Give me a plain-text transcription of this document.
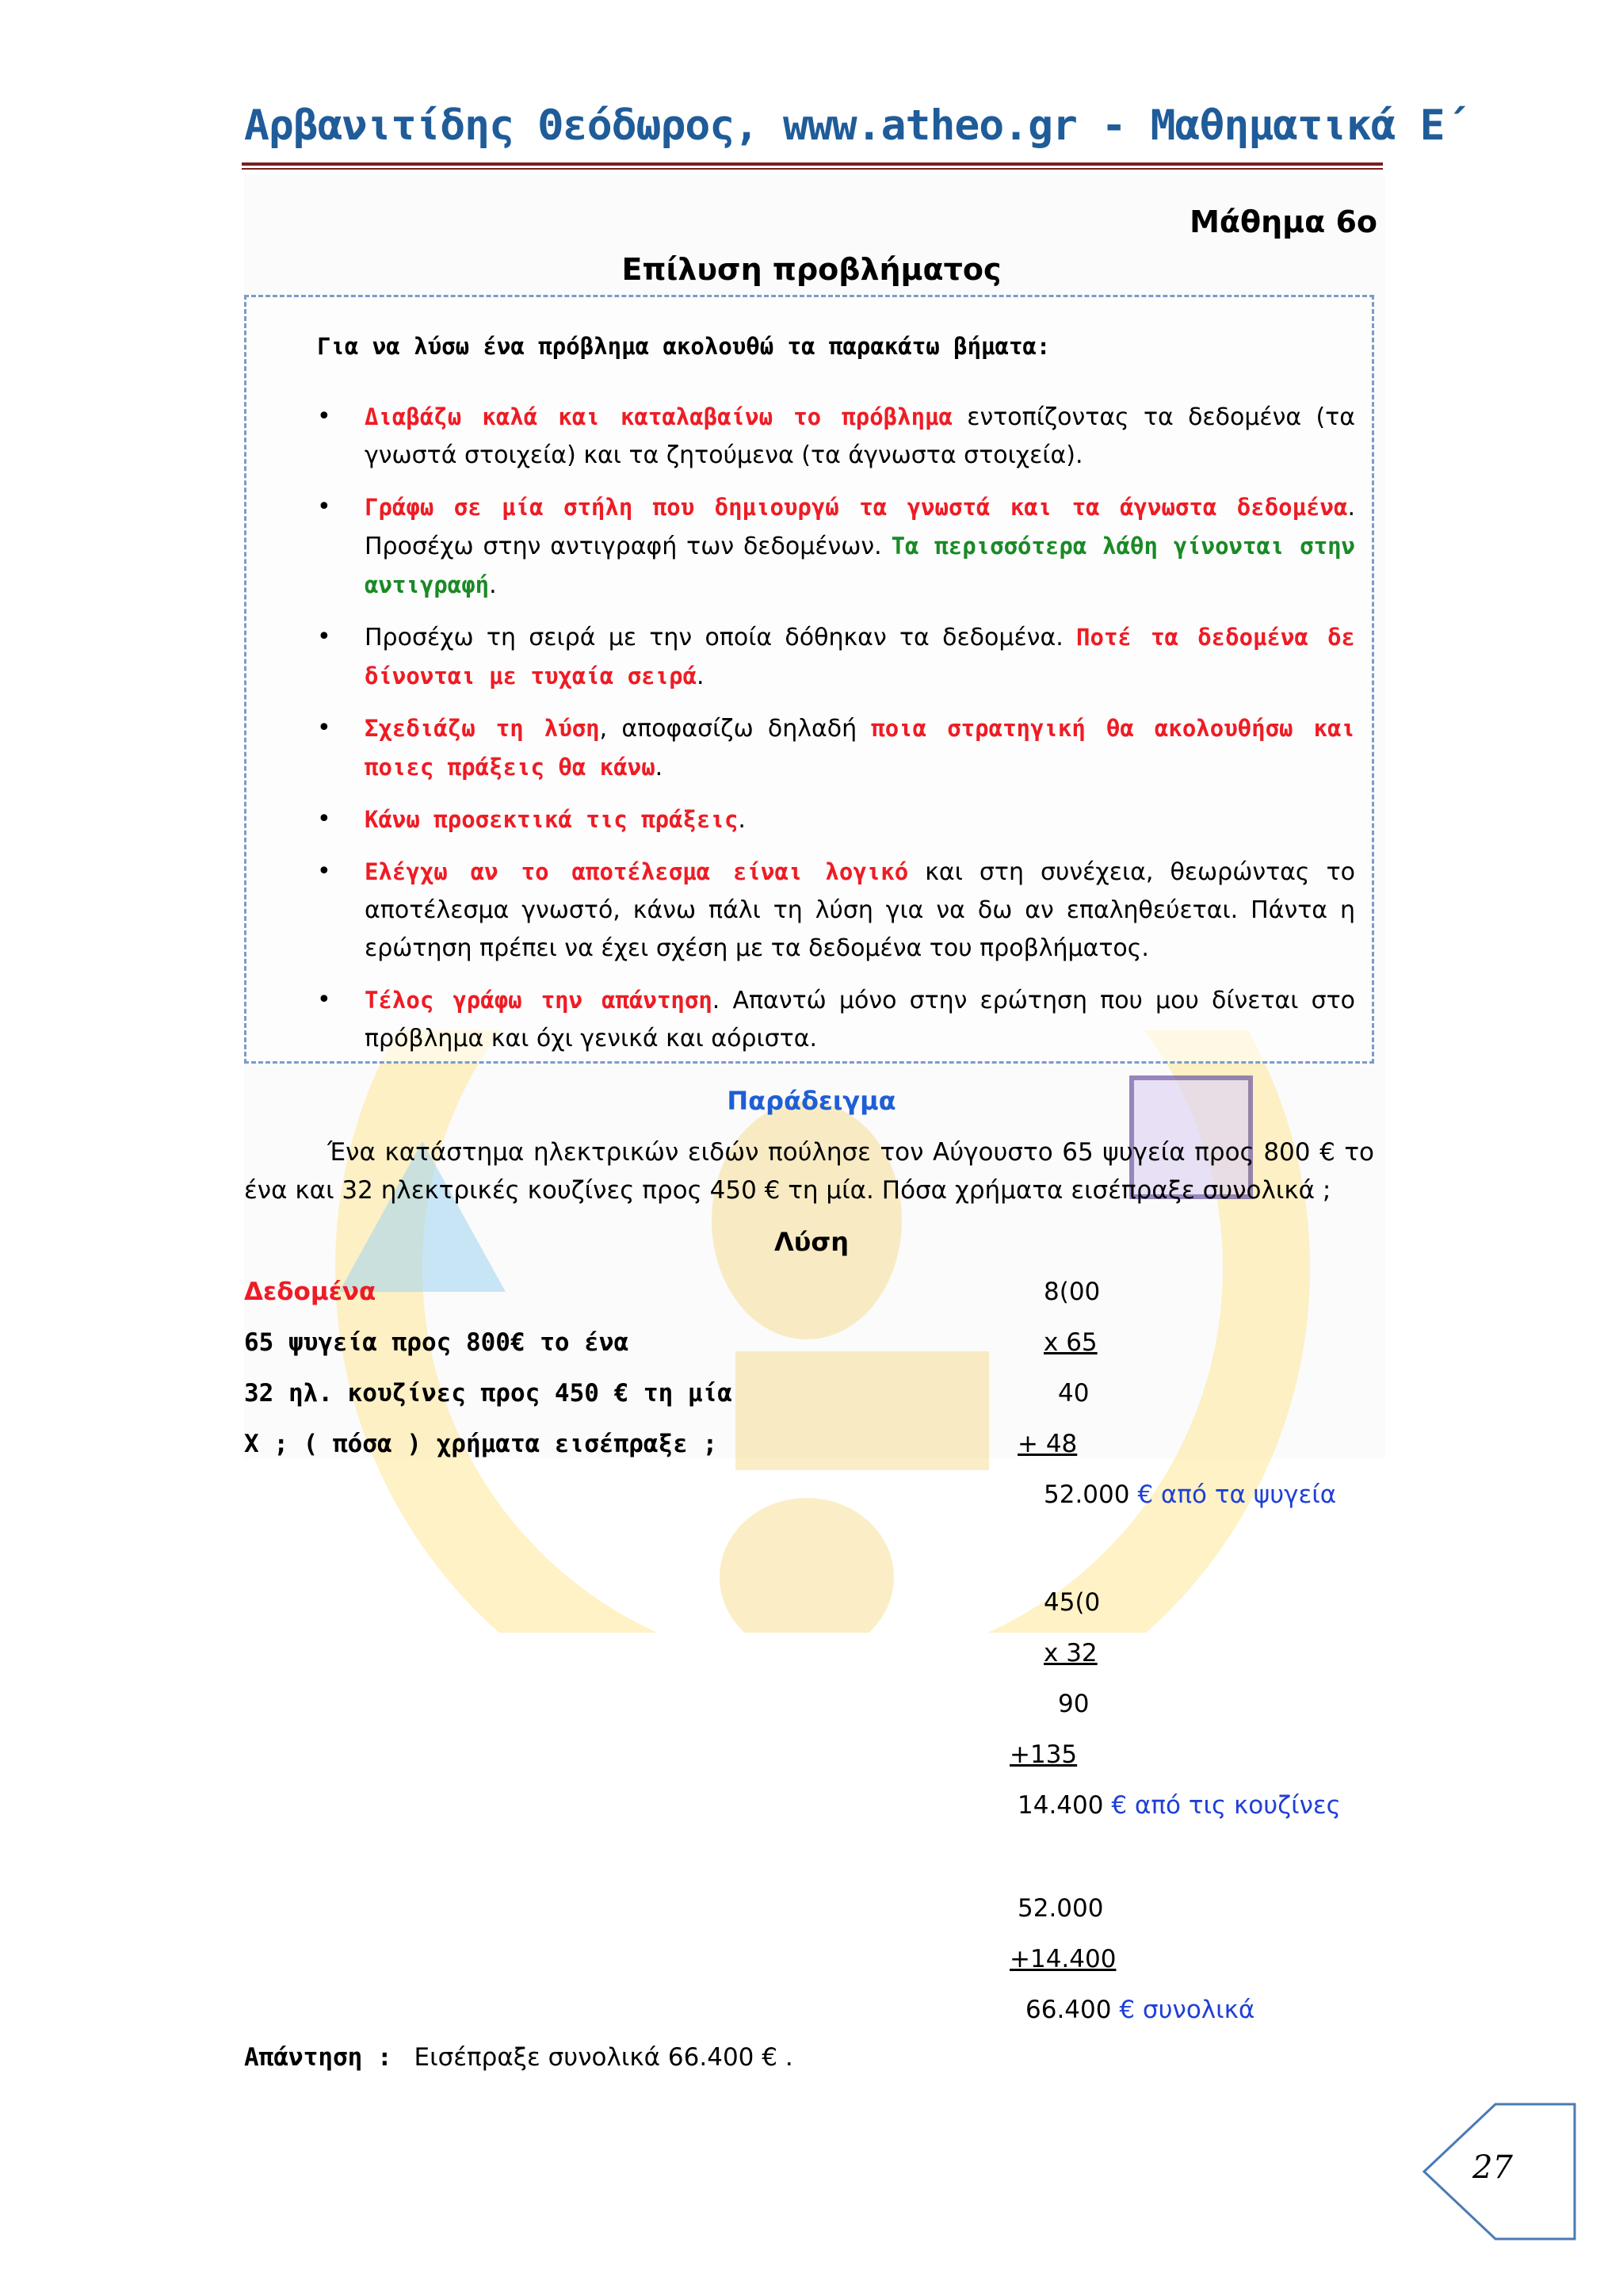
Αρβανιτίδης Θεόδωρος, www.atheo.gr - Μαθηματικά Ε΄
Μάθημα 6ο
Επίλυση προβλήματος
Για να λύσω ένα πρόβλημα ακολουθώ τα παρακάτω βήματα:
• Διαβάζω καλά και καταλαβαίνω το πρόβλημα εντοπίζοντας τα δεδομένα (τα γνωστά στοιχεία) και τα ζητούμενα (τα άγνωστα στοιχεία).
• Γράφω σε μία στήλη που δημιουργώ τα γνωστά και τα άγνωστα δεδομένα. Προσέχω στην αντιγραφή των δεδομένων. Τα περισσότερα λάθη γίνονται στην αντιγραφή.
• Προσέχω τη σειρά με την οποία δόθηκαν τα δεδομένα. Ποτέ τα δεδομένα δε δίνονται με τυχαία σειρά.
• Σχεδιάζω τη λύση, αποφασίζω δηλαδή ποια στρατηγική θα ακολουθήσω και ποιες πράξεις θα κάνω.
• Κάνω προσεκτικά τις πράξεις.
• Ελέγχω αν το αποτέλεσμα είναι λογικό και στη συνέχεια, θεωρώντας το αποτέλεσμα γνωστό, κάνω πάλι τη λύση για να δω αν επαληθεύεται. Πάντα η ερώτηση πρέπει να έχει σχέση με τα δεδομένα του προβλήματος.
• Τέλος γράφω την απάντηση. Απαντώ μόνο στην ερώτηση που μου δίνεται στο πρόβλημα και όχι γενικά και αόριστα.
Παράδειγμα
Ένα κατάστημα ηλεκτρικών ειδών πούλησε τον Αύγουστο 65 ψυγεία προς 800 € το ένα και 32 ηλεκτρικές κουζίνες προς 450 € τη μία. Πόσα χρήματα εισέπραξε συνολικά ;
Λύση
Δεδομένα
65 ψυγεία προς 800€ το ένα
32 ηλ. κουζίνες προς 450 € τη μία
Χ ; ( πόσα ) χρήματα εισέπραξε ;
8(00
x 65
40
+ 48
52.000 € από τα ψυγεία
45(0
x 32
90
+135
14.400 € από τις κουζίνες
52.000
+14.400
66.400 € συνολικά
Απάντηση : Εισέπραξε συνολικά 66.400 € .
27
